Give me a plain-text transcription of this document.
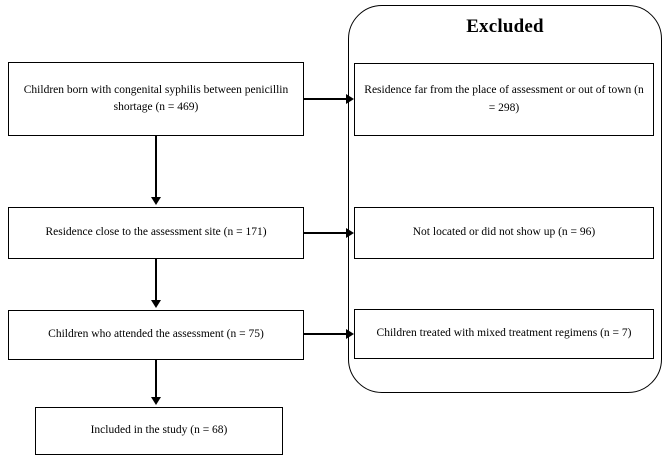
Excluded
Children born with congenital syphilis between penicillin shortage (n = 469)
Residence close to the assessment site (n = 171)
Children who attended the assessment (n = 75)
Included in the study (n = 68)
Residence far from the place of assessment or out of town (n = 298)
Not located or did not show up (n = 96)
Children treated with mixed treatment regimens (n = 7)
